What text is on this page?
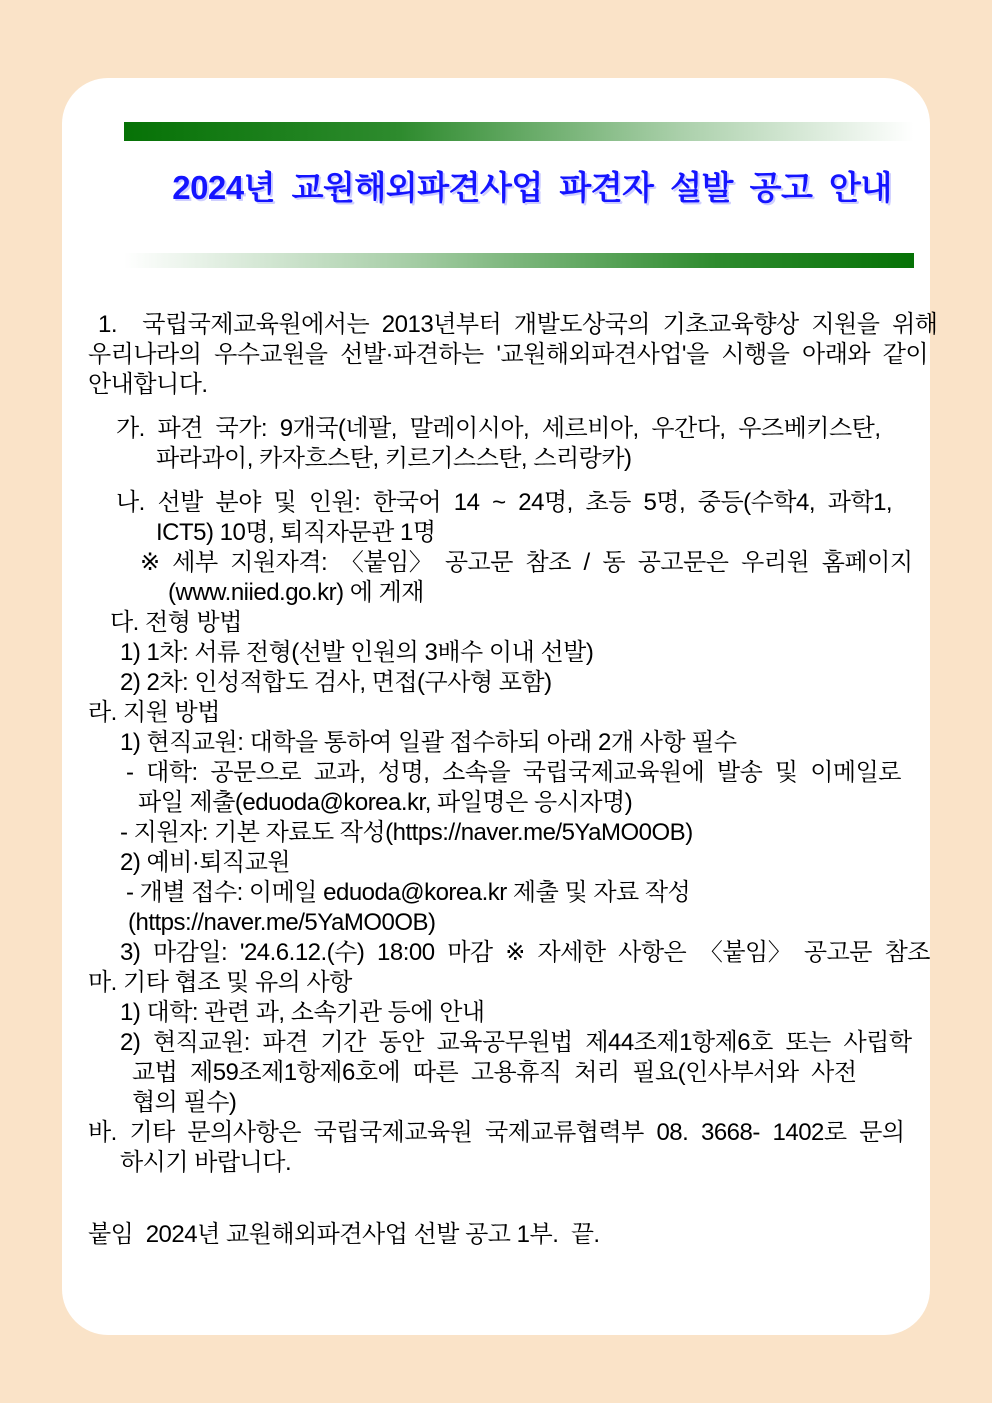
2024년 교원해외파견사업 파견자 설발 공고 안내
1.  국립국제교육원에서는 2013년부터 개발도상국의 기초교육향상 지원을 위해
우리나라의 우수교원을 선발·파견하는 '교원해외파견사업'을 시행을 아래와 같이
안내합니다.
가. 파견 국가: 9개국(네팔, 말레이시아, 세르비아, 우간다, 우즈베키스탄,
파라과이, 카자흐스탄, 키르기스스탄, 스리랑카)
나. 선발 분야 및 인원: 한국어 14 ~ 24명, 초등 5명, 중등(수학4, 과학1,
ICT5) 10명, 퇴직자문관 1명
※ 세부 지원자격: 〈붙임〉 공고문 참조 / 동 공고문은 우리원 홈페이지
(www.niied.go.kr) 에 게재
다. 전형 방법
1) 1차: 서류 전형(선발 인원의 3배수 이내 선발)
2) 2차: 인성적합도 검사, 면접(구사형 포함)
라. 지원 방법
1) 현직교원: 대학을 통하여 일괄 접수하되 아래 2개 사항 필수
- 대학: 공문으로 교과, 성명, 소속을 국립국제교육원에 발송 및 이메일로
파일 제출(eduoda@korea.kr, 파일명은 응시자명)
- 지원자: 기본 자료도 작성(https://naver.me/5YaMO0OB)
2) 예비·퇴직교원
- 개별 접수: 이메일 eduoda@korea.kr 제출 및 자료 작성
(https://naver.me/5YaMO0OB)
3) 마감일: '24.6.12.(수) 18:00 마감 ※ 자세한 사항은 〈붙임〉 공고문 참조
마. 기타 협조 및 유의 사항
1) 대학: 관련 과, 소속기관 등에 안내
2) 현직교원: 파견 기간 동안 교육공무원법 제44조제1항제6호 또는 사립학
교법 제59조제1항제6호에 따른 고용휴직 처리 필요(인사부서와 사전
협의 필수)
바. 기타 문의사항은 국립국제교육원 국제교류협력부 08. 3668- 1402로 문의
하시기 바랍니다.
붙임  2024년 교원해외파견사업 선발 공고 1부.  끝.
